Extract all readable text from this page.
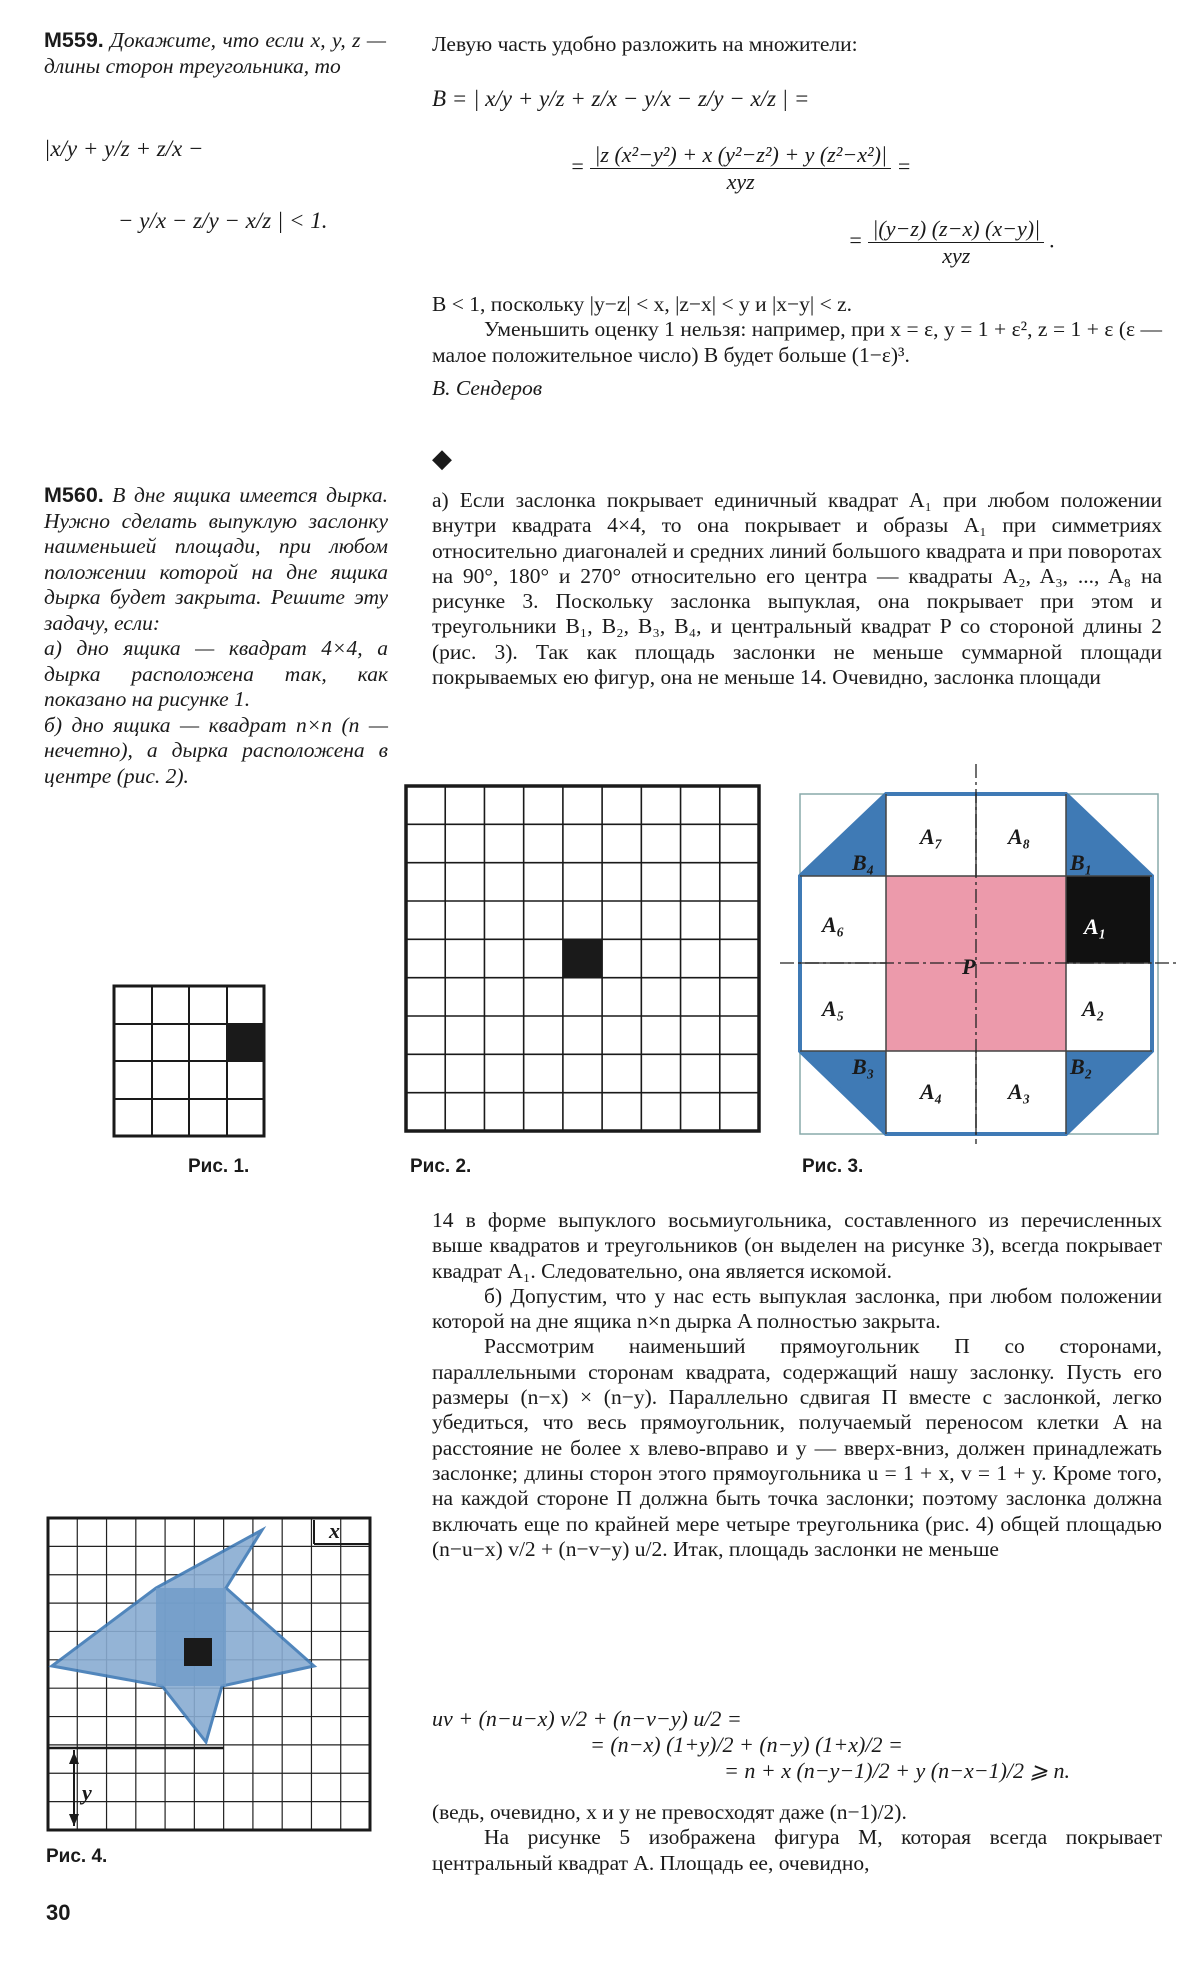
М559. Докажите, что если x, y, z — длины сторон треугольника, то

|x/y + y/z + z/x −
− y/x − z/y − x/z | < 1.
Левую часть удобно разложить на множители:
B = | x/y + y/z + z/x − y/x − z/y − x/z | =
= $\frac{\text{|z (x²−y²) + x (y²−z²) + y (z²−x²)|}}{\text{xyz}}$ =
= $\frac{|(y-z) (z-x) (x-y)|}{\text{xyz}}$ .

B < 1, поскольку |y−z| < x, |z−x| < y и |x−y| < z.

Уменьшить оценку 1 нельзя: например, при x = ε, y = 1 + ε², z = 1 + ε (ε — малое положительное число) B будет больше (1−ε)³.

В. Сендеров

◆

М560. В дне ящика имеется дырка. Нужно сделать выпуклую заслонку наименьшей площади, при любом положении которой на дне ящика дырка будет закрыта. Решите эту задачу, если:

а) дно ящика — квадрат 4×4, а дырка расположена так, как показано на рисунке 1.

б) дно ящика — квадрат n×n (n — нечетно), а дырка расположена в центре (рис. 2).

а) Если заслонка покрывает единичный квадрат A₁ при любом положении внутри квадрата 4×4, то она покрывает и образы A₁ при симметриях относительно диагоналей и средних линий большого квадрата и при поворотах на 90°, 180° и 270° относительно его центра — квадраты A₂, A₃, ..., A₈ на рисунке 3. Поскольку заслонка выпуклая, она покрывает при этом и треугольники B₁, B₂, B₃, B₄, и центральный квадрат P со стороной длины 2 (рис. 3). Так как площадь заслонки не меньше суммарной площади покрываемых ею фигур, она не меньше 14. Очевидно, заслонка площади

Рис. 1.	Рис. 2.
A₇	A₈
A₆
A₅	A₂
A₄	A₃
P
B₄	B₁
B₂
B₃
A₁
Рис. 3.

14 в форме выпуклого восьмиугольника, составленного из перечисленных выше квадратов и треугольников (он выделен на рисунке 3), всегда покрывает квадрат A₁. Следовательно, она является искомой.

б) Допустим, что у нас есть выпуклая заслонка, при любом положении которой на дне ящика n×n дырка A полностью закрыта.

Рассмотрим наименьший прямоугольник П со сторонами, параллельными сторонам квадрата, содержащий нашу заслонку. Пусть его размеры (n−x) × (n−y). Параллельно сдвигая П вместе с заслонкой, легко убедиться, что весь прямоугольник, получаемый переносом клетки A на расстояние не более x влево-вправо и y — вверх-вниз, должен принадлежать заслонке; длины сторон этого прямоугольника u = 1 + x, v = 1 + y. Кроме того, на каждой стороне П должна быть точка заслонки; поэтому заслонка должна включать еще по крайней мере четыре треугольника (рис. 4) общей площадью (n−u−x) v/2 + (n−v−y) u/2. Итак, площадь заслонки не меньше

uv + (n−u−x) v/2 + (n−v−y) u/2 =
= (n−x) (1+y)/2 + (n−y) (1+x)/2 =
= n + x (n−y−1)/2 + y (n−x−1)/2 ⩾ n.

(ведь, очевидно, x и y не превосходят даже (n−1)/2).

На рисунке 5 изображена фигура M, которая всегда покрывает центральный квадрат A. Площадь ее, очевидно,

x
y
Рис. 4.
30
